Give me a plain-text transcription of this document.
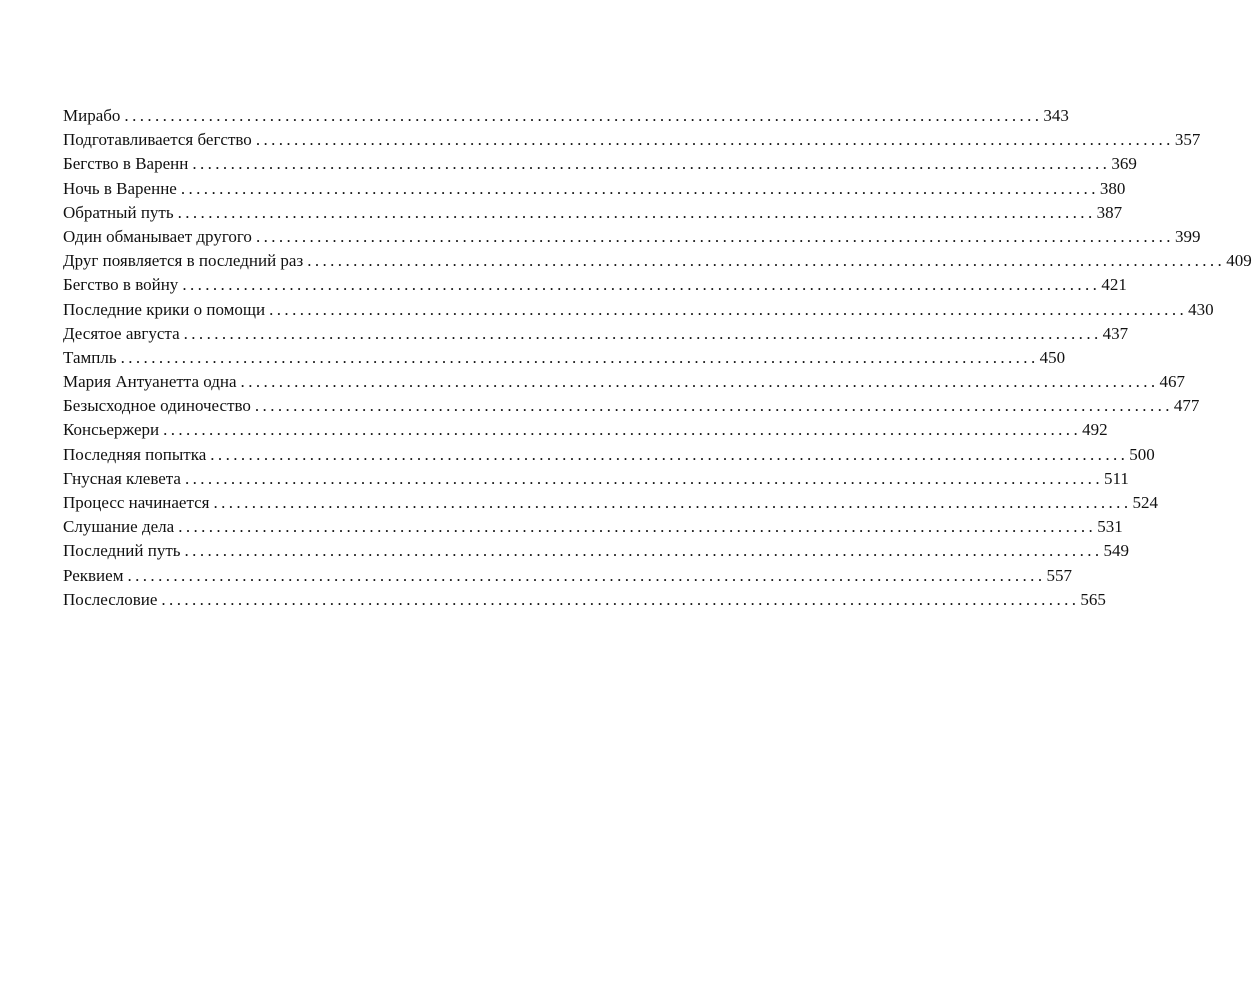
Мирабо ........................................................................................................................ 343
Подготавливается бегство ........................................................................................................................ 357
Бегство в Варенн ........................................................................................................................ 369
Ночь в Варенне ........................................................................................................................ 380
Обратный путь ........................................................................................................................ 387
Один обманывает другого ........................................................................................................................ 399
Друг появляется в последний раз ........................................................................................................................ 409
Бегство в войну ........................................................................................................................ 421
Последние крики о помощи ........................................................................................................................ 430
Десятое августа ........................................................................................................................ 437
Тампль ........................................................................................................................ 450
Мария Антуанетта одна ........................................................................................................................ 467
Безысходное одиночество ........................................................................................................................ 477
Консьержери ........................................................................................................................ 492
Последняя попытка ........................................................................................................................ 500
Гнусная клевета ........................................................................................................................ 511
Процесс начинается ........................................................................................................................ 524
Слушание дела ........................................................................................................................ 531
Последний путь ........................................................................................................................ 549
Реквием ........................................................................................................................ 557
Послесловие ........................................................................................................................ 565
